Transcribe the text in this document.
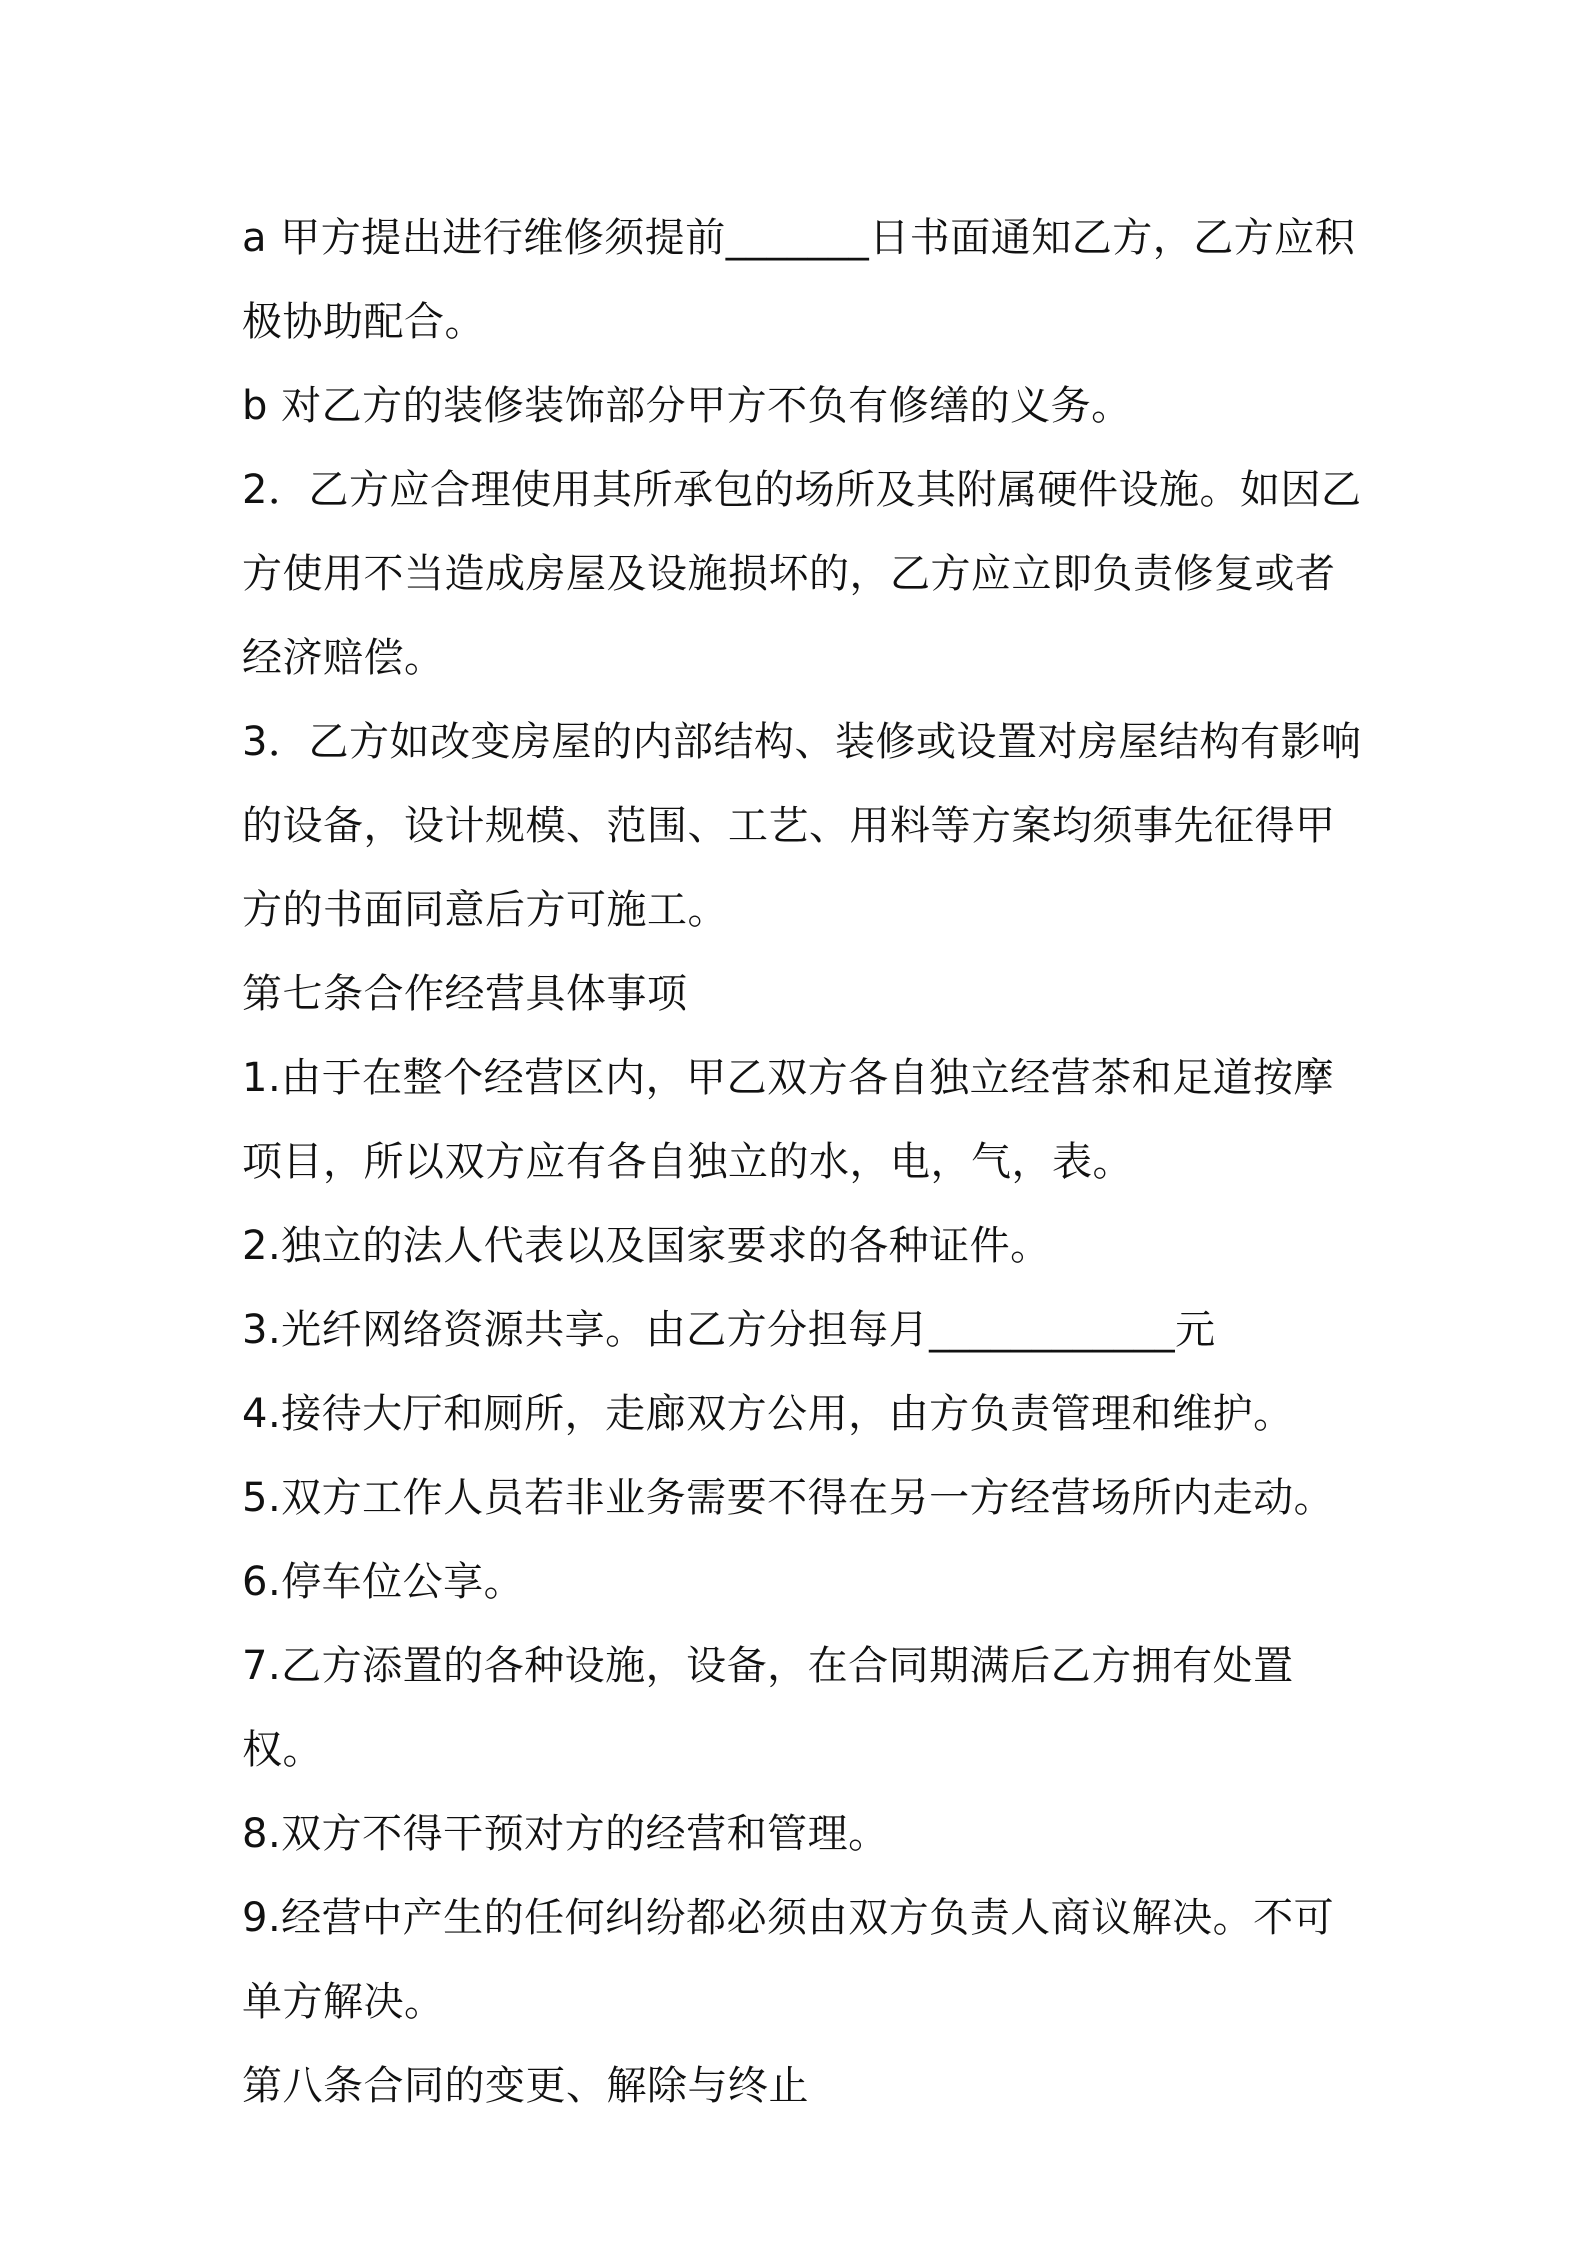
a 甲方提出进行维修须提前_______日书面通知乙方，乙方应积极协助配合。

b 对乙方的装修装饰部分甲方不负有修缮的义务。

2．乙方应合理使用其所承包的场所及其附属硬件设施。如因乙方使用不当造成房屋及设施损坏的，乙方应立即负责修复或者经济赔偿。

3．乙方如改变房屋的内部结构、装修或设置对房屋结构有影响的设备，设计规模、范围、工艺、用料等方案均须事先征得甲方的书面同意后方可施工。

第七条合作经营具体事项

1.由于在整个经营区内，甲乙双方各自独立经营茶和足道按摩项目，所以双方应有各自独立的水，电，气，表。

2.独立的法人代表以及国家要求的各种证件。

3.光纤网络资源共享。由乙方分担每月____________元

4.接待大厅和厕所，走廊双方公用，由方负责管理和维护。

5.双方工作人员若非业务需要不得在另一方经营场所内走动。

6.停车位公享。

7.乙方添置的各种设施，设备，在合同期满后乙方拥有处置权。

8.双方不得干预对方的经营和管理。

9.经营中产生的任何纠纷都必须由双方负责人商议解决。不可单方解决。

第八条合同的变更、解除与终止
